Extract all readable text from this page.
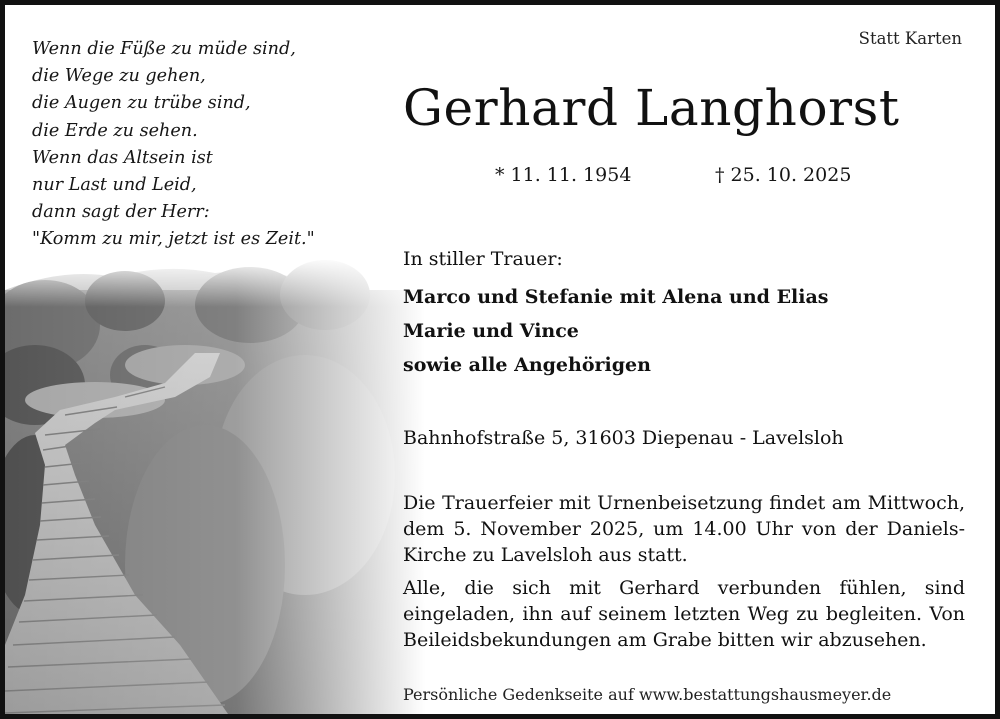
Wenn die Füße zu müde sind,
die Wege zu gehen,
die Augen zu trübe sind,
die Erde zu sehen.
Wenn das Altsein ist
nur Last und Leid,
dann sagt der Herr:
"Komm zu mir, jetzt ist es Zeit."

Statt Karten
Gerhard Langhorst
* 11. 11. 1954	† 25. 10. 2025
In stiller Trauer:
Marco und Stefanie mit Alena und Elias
Marie und Vince
sowie alle Angehörigen
Bahnhofstraße 5, 31603 Diepenau - Lavelsloh

Die Trauerfeier mit Urnenbeisetzung findet am Mittwoch, dem 5. November 2025, um 14.00 Uhr von der Daniels-Kirche zu Lavelsloh aus statt.

Alle, die sich mit Gerhard verbunden fühlen, sind eingeladen, ihn auf seinem letzten Weg zu begleiten. Von Beileidsbekundungen am Grabe bitten wir abzusehen.

Persönliche Gedenkseite auf www.bestattungshausmeyer.de
